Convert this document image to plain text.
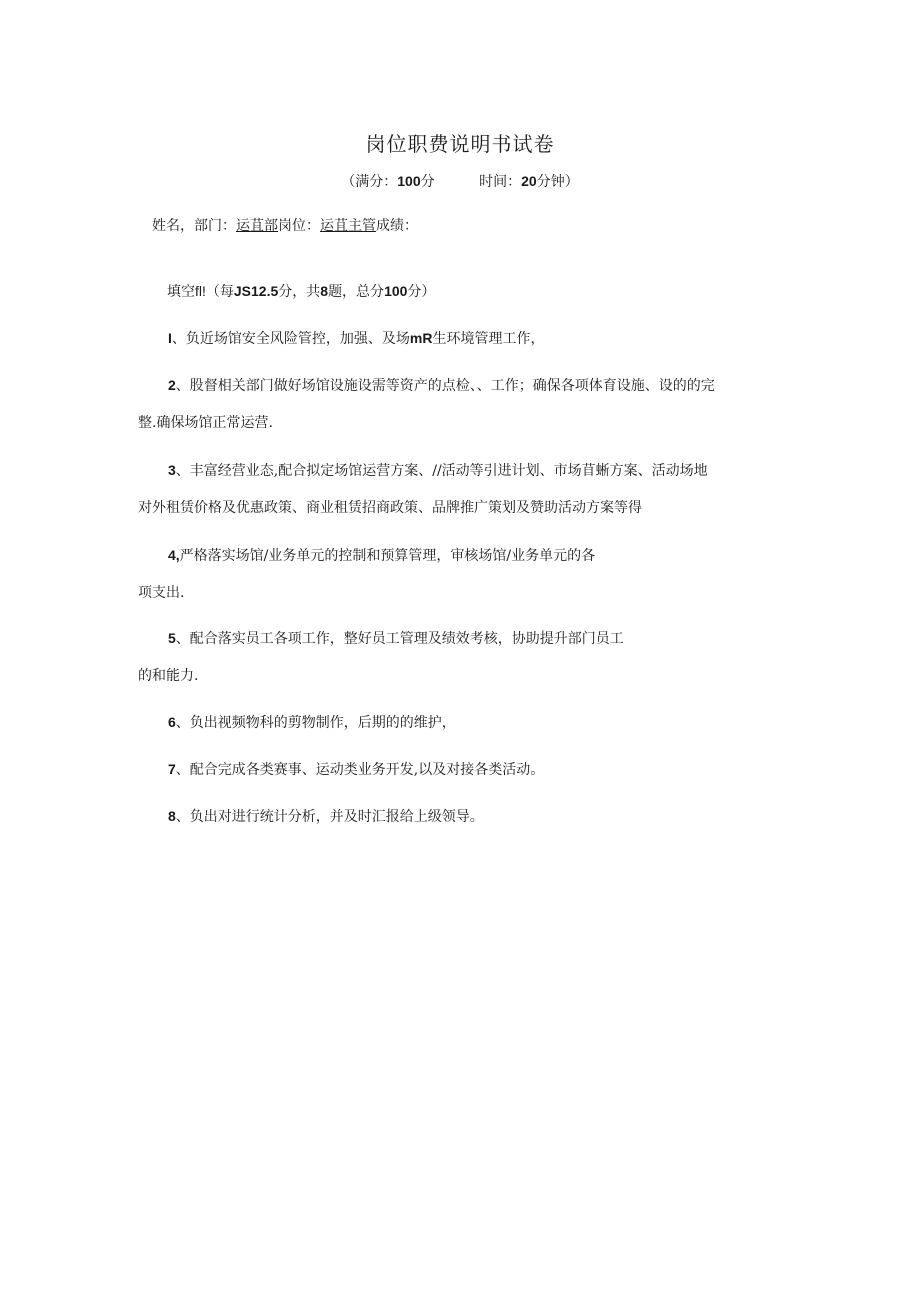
岗位职费说明书试卷
（满分：100分	时间：20分钟）
姓名，部门：运苴部岗位：运苴主管成绩：
填空fl!（每JS12.5分，共8题，总分100分）
I、负近场馆安全风险管控，加强、及场mR生环境管理工作，
2、股督相关部门做好场馆设施设需等资产的点检、、工作；确保各项体育设施、设的的完
整.确保场馆正常运营.
3、丰富经营业态,配合拟定场馆运营方案、//活动等引进计划、市场苜蜥方案、活动场地
对外租赁价格及优惠政策、商业租赁招商政策、品牌推广策划及赞助活动方案等得
4,严格落实场馆/业务单元的控制和预算管理，审核场馆/业务单元的各
项支出.
5、配合落实员工各项工作，整好员工管理及绩效考核，协助提升部门员工
的和能力.
6、负出视频物科的剪物制作，后期的的维护，
7、配合完成各类赛事、运动类业务开发,以及对接各类活动。
8、负出对进行统计分析，并及时汇报给上级领导。
